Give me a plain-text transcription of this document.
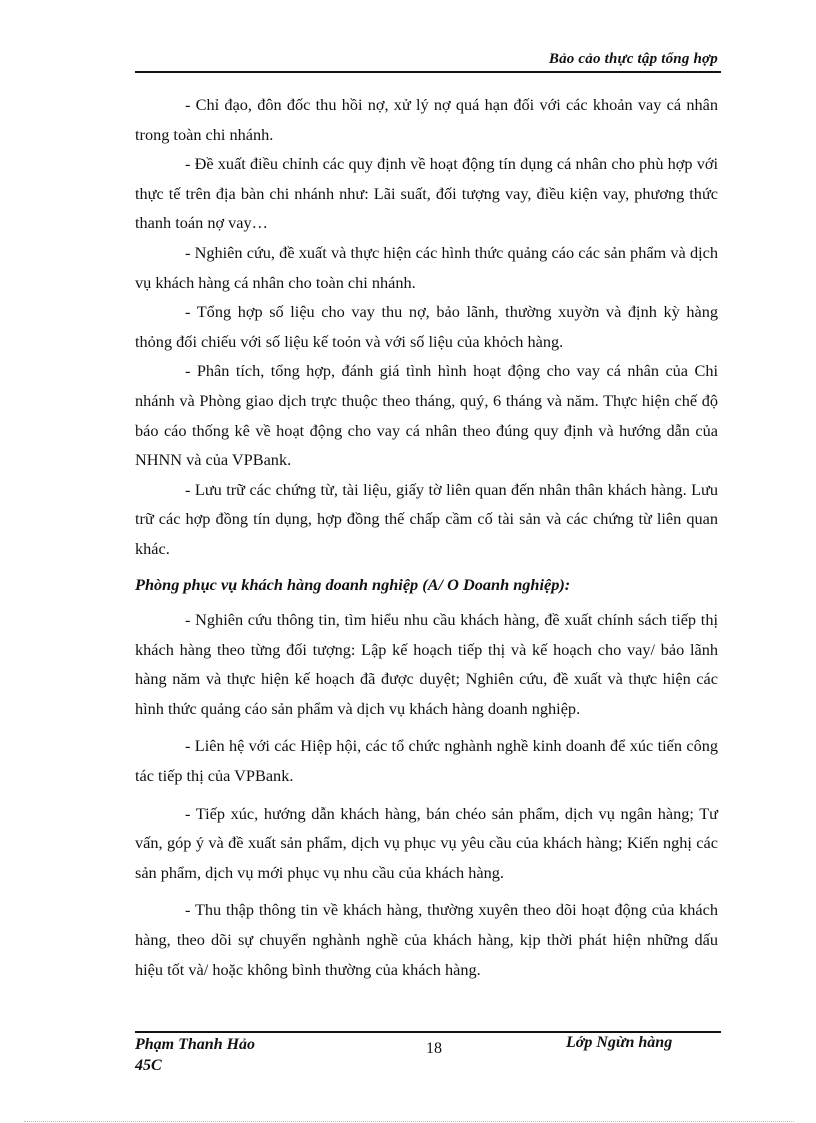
Bảo cảo thực tập tổng hợp

- Chỉ đạo, đôn đốc thu hồi nợ, xử lý nợ quá hạn đối với các khoản vay cá nhân trong toàn chi nhánh.

- Đề xuất điều chỉnh các quy định về hoạt động tín dụng cá nhân cho phù hợp với thực tế trên địa bàn chi nhánh như: Lãi suất, đối tượng vay, điều kiện vay, phương thức thanh toán nợ vay…

- Nghiên cứu, đề xuất và thực hiện các hình thức quảng cáo các sản phẩm và dịch vụ khách hàng cá nhân cho toàn chi nhánh.

- Tổng hợp số liệu cho vay thu nợ, bảo lãnh, thường xuyờn và định kỳ hàng thỏng đối chiếu với số liệu kế toỏn và với số liệu của khỏch hàng.

- Phân tích, tổng hợp, đánh giá tình hình hoạt động cho vay cá nhân của Chi nhánh và Phòng giao dịch trực thuộc theo tháng, quý, 6 tháng và năm. Thực hiện chế độ báo cáo thống kê về hoạt động cho vay cá nhân theo đúng quy định và hướng dẫn của NHNN và của VPBank.

- Lưu trữ các chứng từ, tài liệu, giấy tờ liên quan đến nhân thân khách hàng. Lưu trữ các hợp đồng tín dụng, hợp đồng thế chấp cầm cố tài sản và các chứng từ liên quan khác.

Phòng phục vụ khách hàng doanh nghiệp (A/ O Doanh nghiệp):

- Nghiên cứu thông tin, tìm hiểu nhu cầu khách hàng, đề xuất chính sách tiếp thị khách hàng theo từng đối tượng: Lập kế hoạch tiếp thị và kế hoạch cho vay/ bảo lãnh hàng năm và thực hiện kế hoạch đã được duyệt; Nghiên cứu, đề xuất và thực hiện các hình thức quảng cáo sản phẩm và dịch vụ khách hàng doanh nghiệp.

- Liên hệ với các Hiệp hội, các tổ chức nghành nghề kinh doanh để xúc tiến công tác tiếp thị của VPBank.

- Tiếp xúc, hướng dẫn khách hàng, bán chéo sản phẩm, dịch vụ ngân hàng; Tư vấn, góp ý và đề xuất sản phẩm, dịch vụ phục vụ yêu cầu của khách hàng; Kiến nghị các sản phẩm, dịch vụ mới phục vụ nhu cầu của khách hàng.

- Thu thập thông tin về khách hàng, thường xuyên theo dõi hoạt động của khách hàng, theo dõi sự chuyển nghành nghề của khách hàng, kịp thời phát hiện những dấu hiệu tốt và/ hoặc không bình thường của khách hàng.

Phạm Thanh Hảo
45C
18	Lớp Ngừn hàng
